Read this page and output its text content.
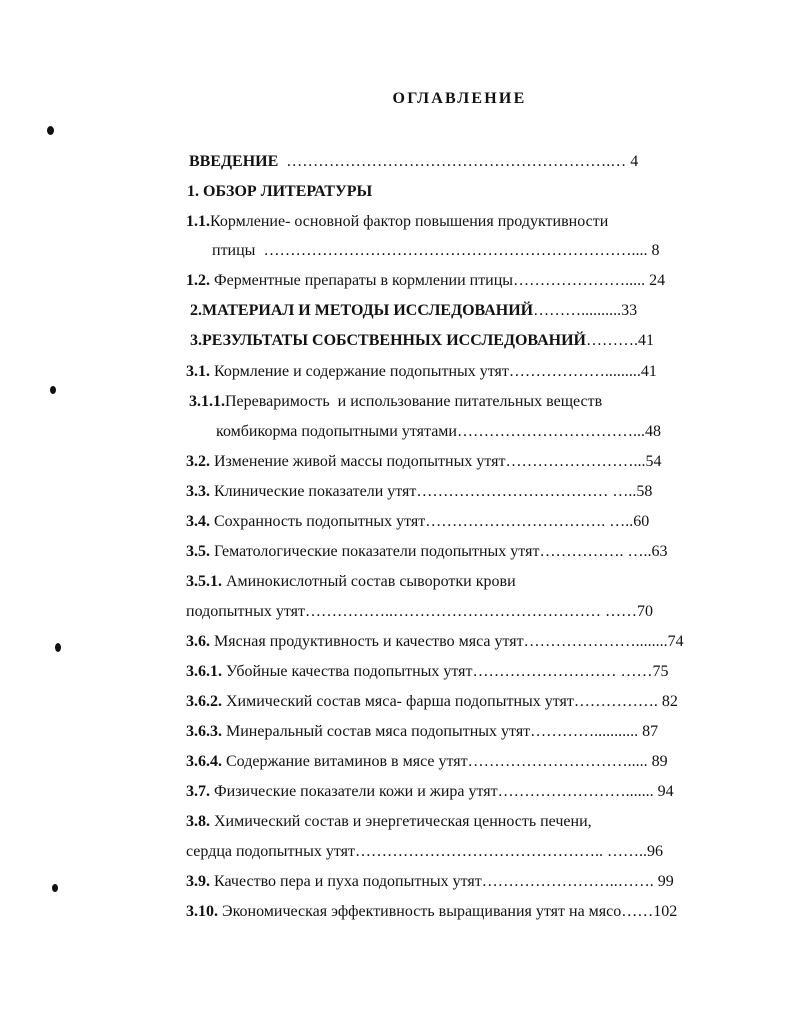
ОГЛАВЛЕНИЕ
ВВЕДЕНИЕ  …………………………………………………….… 4
1. ОБЗОР ЛИТЕРАТУРЫ
1.1.Кормление- основной фактор повышения продуктивности
птицы  …………………………………………………………….... 8
1.2. Ферментные препараты в кормлении птицы…………………..... 24
2.МАТЕРИАЛ И МЕТОДЫ ИССЛЕДОВАНИЙ………..........33
3.РЕЗУЛЬТАТЫ СОБСТВЕННЫХ ИССЛЕДОВАНИЙ……….41
3.1. Кормление и содержание подопытных утят……………….........41
3.1.1.Переваримость  и использование питательных веществ
комбикорма подопытными утятами……………………………...48
3.2. Изменение живой массы подопытных утят……………………...54
3.3. Клинические показатели утят……………………………… …..58
3.4. Сохранность подопытных утят……………………………. …..60
3.5. Гематологические показатели подопытных утят……………. …..63
3.5.1. Аминокислотный состав сыворотки крови
подопытных утят……………..………………………………… ……70
3.6. Мясная продуктивность и качество мяса утят…………………........74
3.6.1. Убойные качества подопытных утят……………………… ……75
3.6.2. Химический состав мяса- фарша подопытных утят……………. 82
3.6.3. Минеральный состав мяса подопытных утят…………........... 87
3.6.4. Содержание витаминов в мясе утят…………………………..... 89
3.7. Физические показатели кожи и жира утят……………………....... 94
3.8. Химический состав и энергетическая ценность печени,
сердца подопытных утят……………………………………….. ……..96
3.9. Качество пера и пуха подопытных утят……………………..……. 99
3.10. Экономическая эффективность выращивания утят на мясо……102
